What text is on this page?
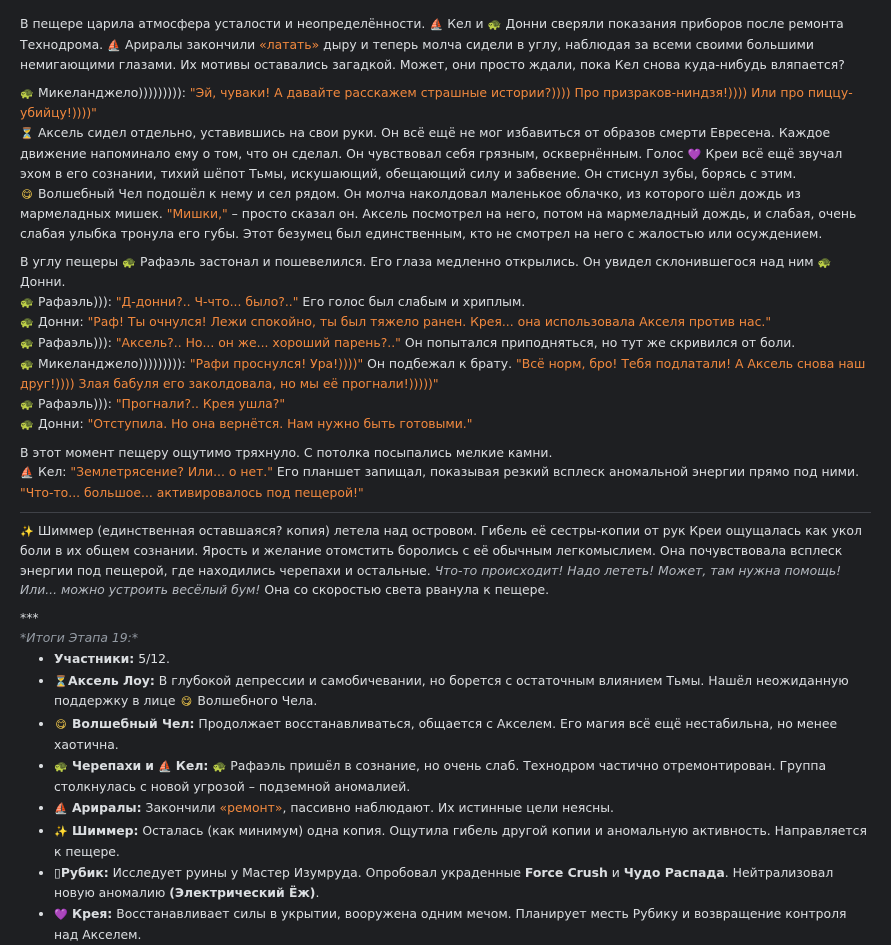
В пещере царила атмосфера усталости и неопределённости. ⛵ Кел и 🐢 Донни сверяли показания приборов после ремонта Технодрома. ⛵ Арирaлы закончили «латать» дыру и теперь молча сидели в углу, наблюдая за всеми своими большими немигающими глазами. Их мотивы оставались загадкой. Может, они просто ждали, пока Кел снова куда-нибудь вляпается?

🐢 Микеланджело))))))))): "Эй, чуваки! А давайте расскажем страшные истории?)))) Про призраков-ниндзя!)))) Или про пиццу-убийцу!))))"
⏳ Аксель сидел отдельно, уставившись на свои руки. Он всё ещё не мог избавиться от образов смерти Евресена. Каждое движение напоминало ему о том, что он сделал. Он чувствовал себя грязным, осквернённым. Голос 💜 Креи всё ещё звучал эхом в его сознании, тихий шёпот Тьмы, искушающий, обещающий силу и забвение. Он стиснул зубы, борясь с этим.
😋 Волшебный Чел подошёл к нему и сел рядом. Он молча наколдовал маленькое облачко, из которого шёл дождь из мармеладных мишек. "Мишки," – просто сказал он. Аксель посмотрел на него, потом на мармеладный дождь, и слабая, очень слабая улыбка тронула его губы. Этот безумец был единственным, кто не смотрел на него с жалостью или осуждением.

В углу пещеры 🐢 Рафаэль застонал и пошевелился. Его глаза медленно открылись. Он увидел склонившегося над ним 🐢 Донни.
🐢 Рафаэль))): "Д-донни?.. Ч-что... было?.." Его голос был слабым и хриплым.
🐢 Донни: "Раф! Ты очнулся! Лежи спокойно, ты был тяжело ранен. Крея... она использовала Акселя против нас."
🐢 Рафаэль))): "Аксель?.. Но... он же... хороший парень?.." Он попытался приподняться, но тут же скривился от боли.
🐢 Микеланджело))))))))): "Рафи проснулся! Ура!))))" Он подбежал к брату. "Всё норм, бро! Тебя подлатали! А Аксель снова наш друг!)))) Злая бабуля его заколдовала, но мы её прогнали!)))))"
🐢 Рафаэль))): "Прогнали?.. Крея ушла?"
🐢 Донни: "Отступила. Но она вернётся. Нам нужно быть готовыми."

В этот момент пещеру ощутимо тряхнуло. С потолка посыпались мелкие камни.
⛵ Кел: "Землетрясение? Или... о нет." Его планшет запищал, показывая резкий всплеск аномальной энергии прямо под ними. "Что-то... большое... активировалось под пещерой!"

✨ Шиммер (единственная оставшаяся? копия) летела над островом. Гибель её сестры-копии от рук Креи ощущалась как укол боли в их общем сознании. Ярость и желание отомстить боролись с её обычным легкомыслием. Она почувствовала всплеск энергии под пещерой, где находились черепахи и остальные. Что-то происходит! Надо лететь! Может, там нужна помощь! Или... можно устроить весёлый бум! Она со скоростью света рванула к пещере.

***
*Итоги Этапа 19:*
• Участники: 5/12.
• ⏳Аксель Лоу: В глубокой депрессии и самобичевании, но борется с остаточным влиянием Тьмы. Нашёл неожиданную поддержку в лице 😋 Волшебного Чела.
• 😋 Волшебный Чел: Продолжает восстанавливаться, общается с Акселем. Его магия всё ещё нестабильна, но менее хаотична.
• 🐢 Черепахи и ⛵ Кел: 🐢 Рафаэль пришёл в сознание, но очень слаб. Технодром частично отремонтирован. Группа столкнулась с новой угрозой – подземной аномалией.
• ⛵ Арирaлы: Закончили «ремонт», пассивно наблюдают. Их истинные цели неясны.
• ✨ Шиммер: Осталась (как минимум) одна копия. Ощутила гибель другой копии и аномальную активность. Направляется к пещере.
• ▯Рубик: Исследует руины у Мастер Изумруда. Опробовал украденные Force Crush и Чудо Распада. Нейтрализовал новую аномалию (Электрический Ёж).
• 💜 Крея: Восстанавливает силы в укрытии, вооружена одним мечом. Планирует месть Рубику и возвращение контроля над Акселем.
